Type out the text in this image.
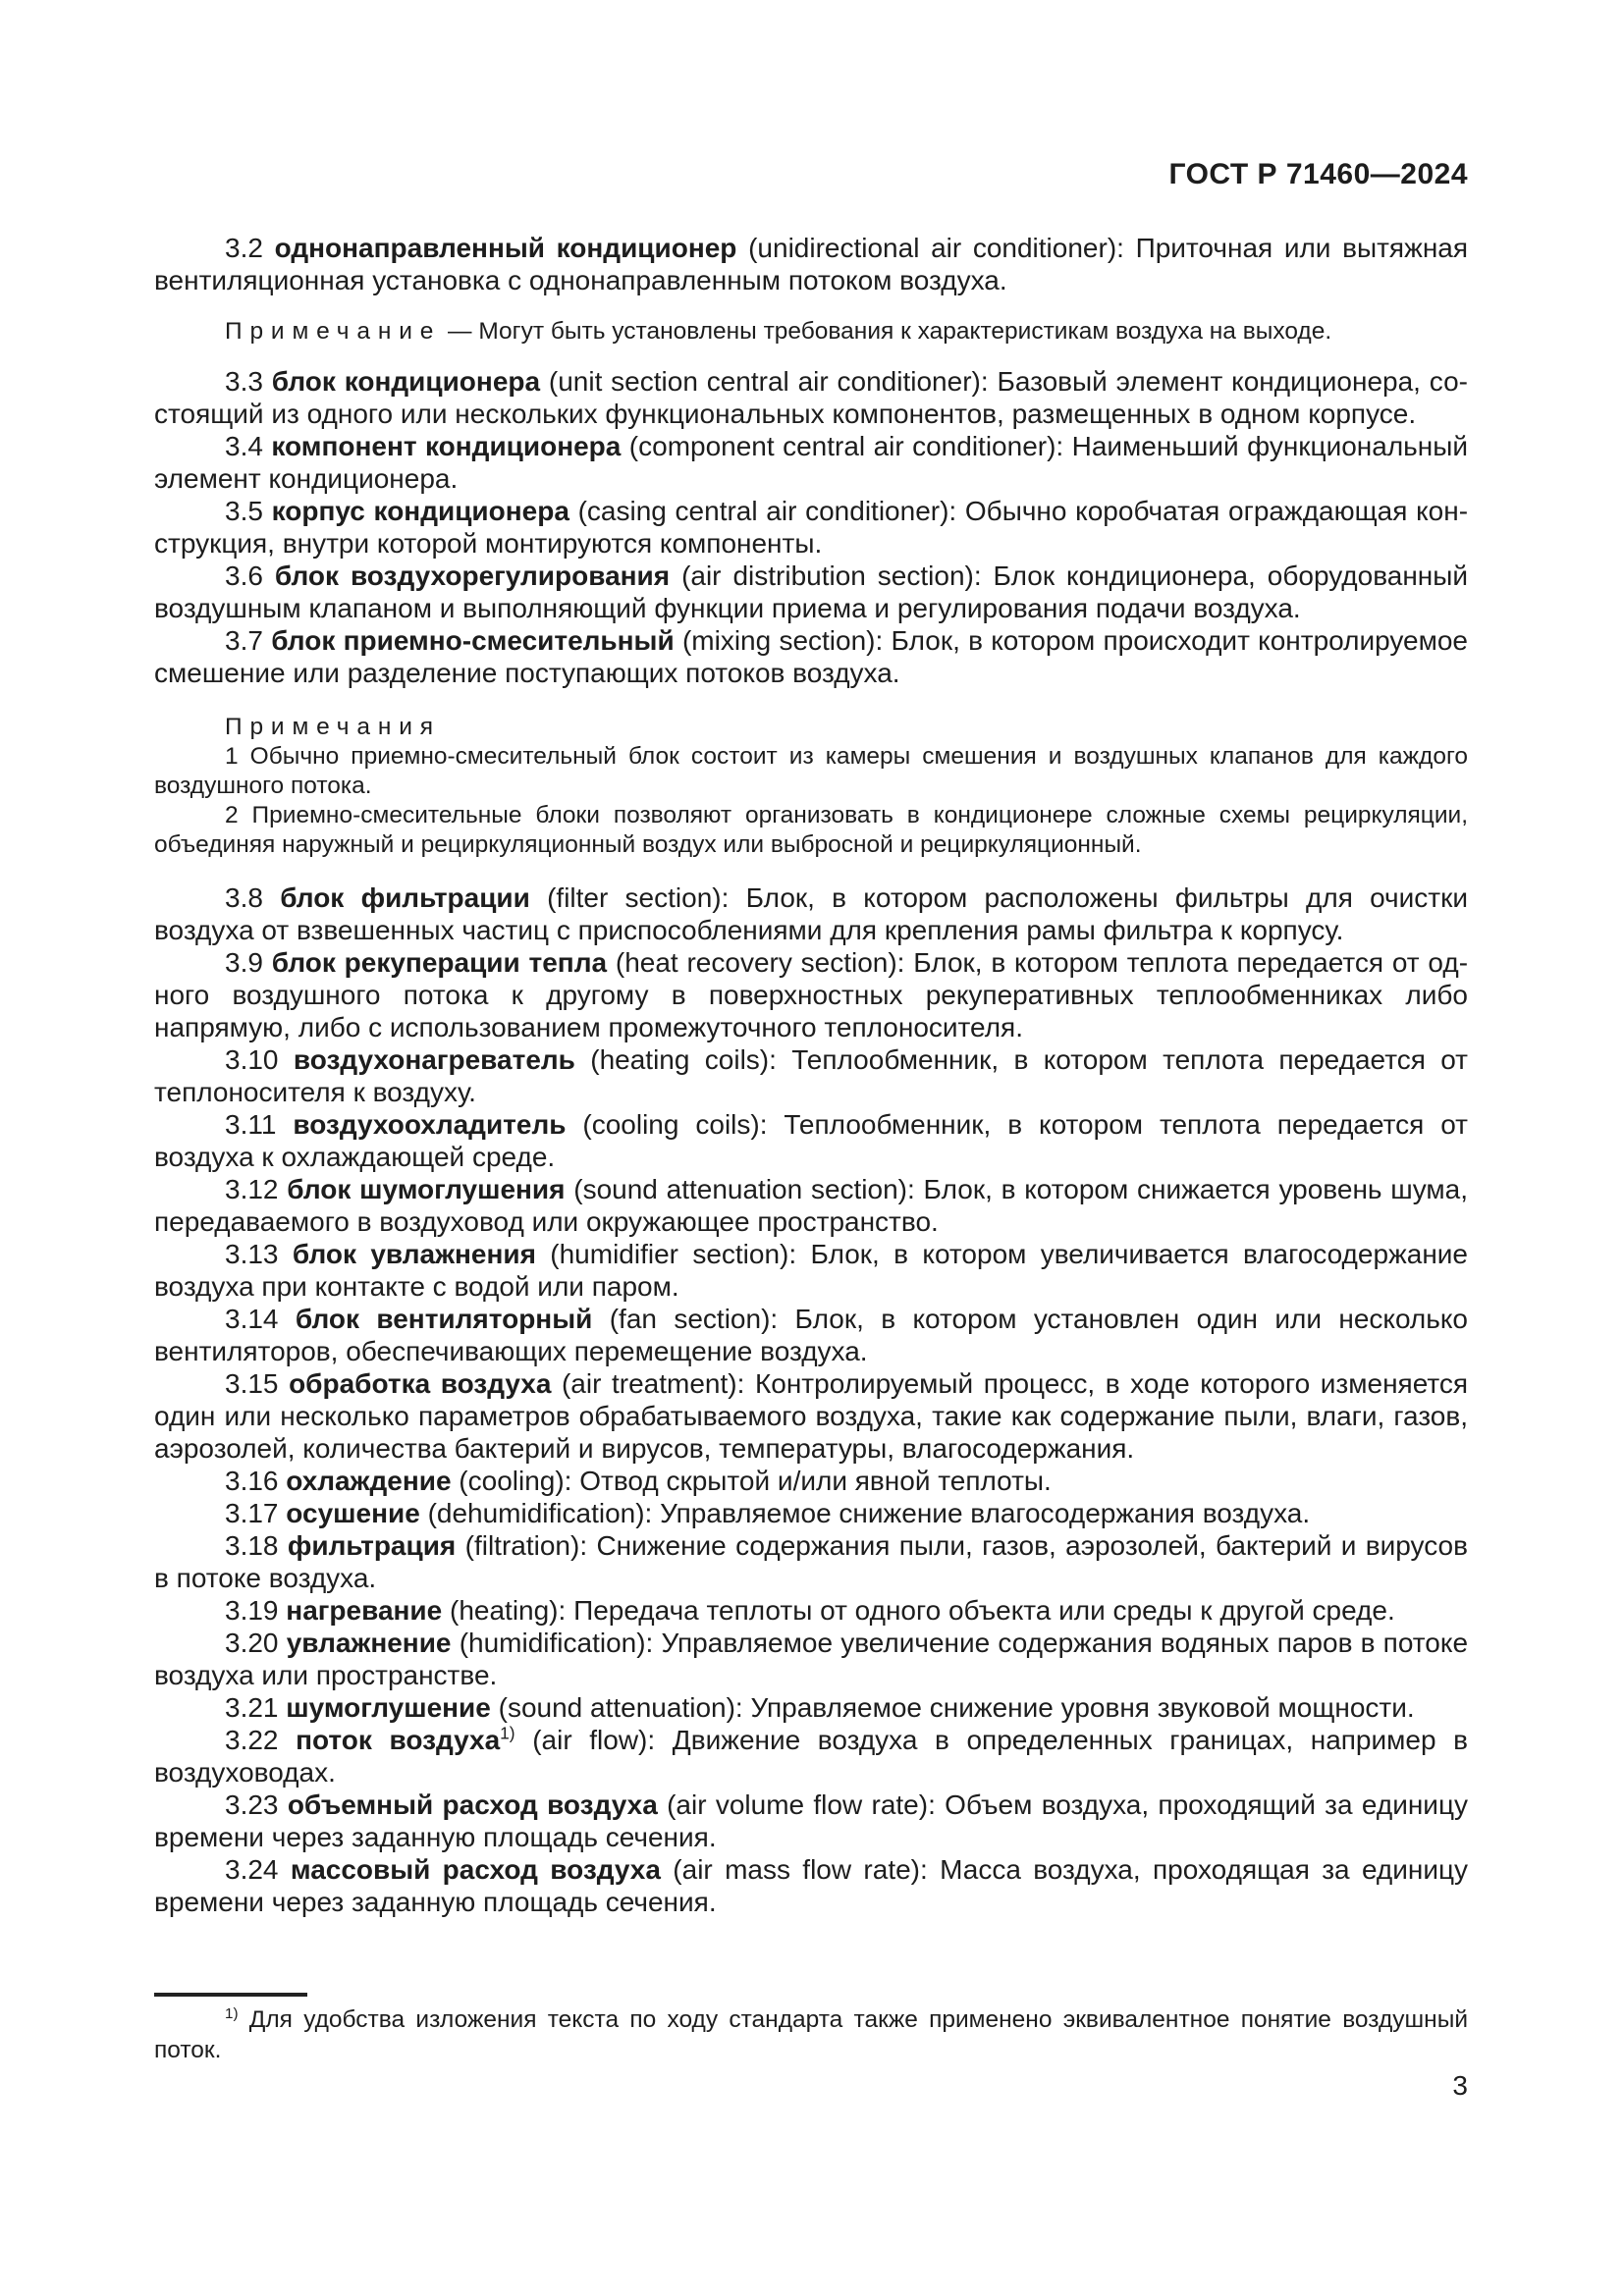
ГОСТ Р 71460—2024

3.2 однонаправленный кондиционер (unidirectional air conditioner): Приточная или вытяжная вентиляционная установка с однонаправленным потоком воздуха.

Примечание — Могут быть установлены требования к характеристикам воздуха на выходе.

3.3 блок кондиционера (unit section central air conditioner): Базовый элемент кондиционера, состоящий из одного или нескольких функциональных компонентов, размещенных в одном корпусе.

3.4 компонент кондиционера (component central air conditioner): Наименьший функциональный элемент кондиционера.

3.5 корпус кондиционера (casing central air conditioner): Обычно коробчатая ограждающая конструкция, внутри которой монтируются компоненты.

3.6 блок воздухорегулирования (air distribution section): Блок кондиционера, оборудованный воздушным клапаном и выполняющий функции приема и регулирования подачи воздуха.

3.7 блок приемно-смесительный (mixing section): Блок, в котором происходит контролируемое смешение или разделение поступающих потоков воздуха.

Примечания

1 Обычно приемно-смесительный блок состоит из камеры смешения и воздушных клапанов для каждого воздушного потока.

2 Приемно-смесительные блоки позволяют организовать в кондиционере сложные схемы рециркуляции, объединяя наружный и рециркуляционный воздух или выбросной и рециркуляционный.

3.8 блок фильтрации (filter section): Блок, в котором расположены фильтры для очистки воздуха от взвешенных частиц с приспособлениями для крепления рамы фильтра к корпусу.

3.9 блок рекуперации тепла (heat recovery section): Блок, в котором теплота передается от одного воздушного потока к другому в поверхностных рекуперативных теплообменниках либо напрямую, либо с использованием промежуточного теплоносителя.

3.10 воздухонагреватель (heating coils): Теплообменник, в котором теплота передается от теплоносителя к воздуху.

3.11 воздухоохладитель (cooling coils): Теплообменник, в котором теплота передается от воздуха к охлаждающей среде.

3.12 блок шумоглушения (sound attenuation section): Блок, в котором снижается уровень шума, передаваемого в воздуховод или окружающее пространство.

3.13 блок увлажнения (humidifier section): Блок, в котором увеличивается влагосодержание воздуха при контакте с водой или паром.

3.14 блок вентиляторный (fan section): Блок, в котором установлен один или несколько вентиляторов, обеспечивающих перемещение воздуха.

3.15 обработка воздуха (air treatment): Контролируемый процесс, в ходе которого изменяется один или несколько параметров обрабатываемого воздуха, такие как содержание пыли, влаги, газов, аэрозолей, количества бактерий и вирусов, температуры, влагосодержания.

3.16 охлаждение (cooling): Отвод скрытой и/или явной теплоты.

3.17 осушение (dehumidification): Управляемое снижение влагосодержания воздуха.

3.18 фильтрация (filtration): Снижение содержания пыли, газов, аэрозолей, бактерий и вирусов в потоке воздуха.

3.19 нагревание (heating): Передача теплоты от одного объекта или среды к другой среде.

3.20 увлажнение (humidification): Управляемое увеличение содержания водяных паров в потоке воздуха или пространстве.

3.21 шумоглушение (sound attenuation): Управляемое снижение уровня звуковой мощности.

3.22 поток воздуха$^{1)}$ (air flow): Движение воздуха в определенных границах, например в воздуховодах.

3.23 объемный расход воздуха (air volume flow rate): Объем воздуха, проходящий за единицу времени через заданную площадь сечения.

3.24 массовый расход воздуха (air mass flow rate): Масса воздуха, проходящая за единицу времени через заданную площадь сечения.

$^{1)}$ Для удобства изложения текста по ходу стандарта также применено эквивалентное понятие воздушный поток.

3
